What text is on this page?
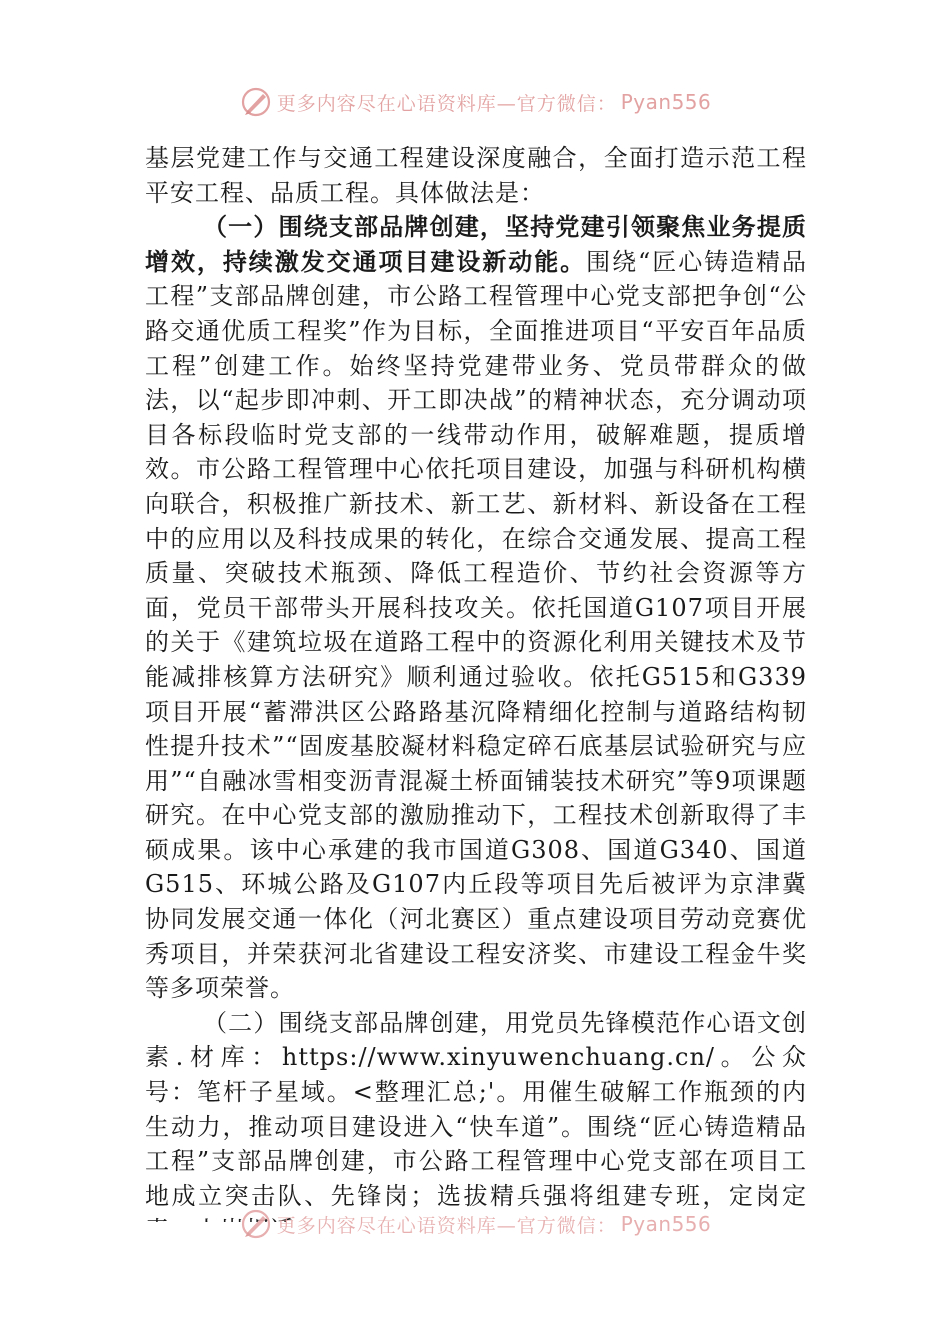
更多内容尽在心语资料库—官方微信： Pyan556

基层党建工作与交通工程建设深度融合，全面打造示范工程平安工程、品质工程。具体做法是：

（一）围绕支部品牌创建，坚持党建引领聚焦业务提质增效，持续激发交通项目建设新动能。围绕“匠心铸造精品工程”支部品牌创建，市公路工程管理中心党支部把争创“公路交通优质工程奖”作为目标，全面推进项目“平安百年品质工程”创建工作。始终坚持党建带业务、党员带群众的做法，以“起步即冲刺、开工即决战”的精神状态，充分调动项目各标段临时党支部的一线带动作用，破解难题，提质增效。市公路工程管理中心依托项目建设，加强与科研机构横向联合，积极推广新技术、新工艺、新材料、新设备在工程中的应用以及科技成果的转化，在综合交通发展、提高工程质量、突破技术瓶颈、降低工程造价、节约社会资源等方面，党员干部带头开展科技攻关。依托国道G107项目开展的关于《建筑垃圾在道路工程中的资源化利用关键技术及节能减排核算方法研究》顺利通过验收。依托G515和G339项目开展“蓄滞洪区公路路基沉降精细化控制与道路结构韧性提升技术”“固废基胶凝材料稳定碎石底基层试验研究与应用”“自融冰雪相变沥青混凝土桥面铺装技术研究”等9项课题研究。在中心党支部的激励推动下，工程技术创新取得了丰硕成果。该中心承建的我市国道G308、国道G340、国道G515、环城公路及G107内丘段等项目先后被评为京津冀协同发展交通一体化（河北赛区）重点建设项目劳动竞赛优秀项目，并荣获河北省建设工程安济奖、市建设工程金牛奖等多项荣誉。

（二）围绕支部品牌创建，用党员先锋模范作心语文创素.材库：https://www.xinyuwenchuang.cn/。公众号：笔杆子星域。<整理汇总;'。用催生破解工作瓶颈的内生动力，推动项目建设进入“快车道”。围绕“匠心铸造精品工程”支部品牌创建，市公路工程管理中心党支部在项目工地成立突击队、先锋岗；选拔精兵强将组建专班，定岗定

更多内容尽在心语资料库—官方微信： Pyan556
